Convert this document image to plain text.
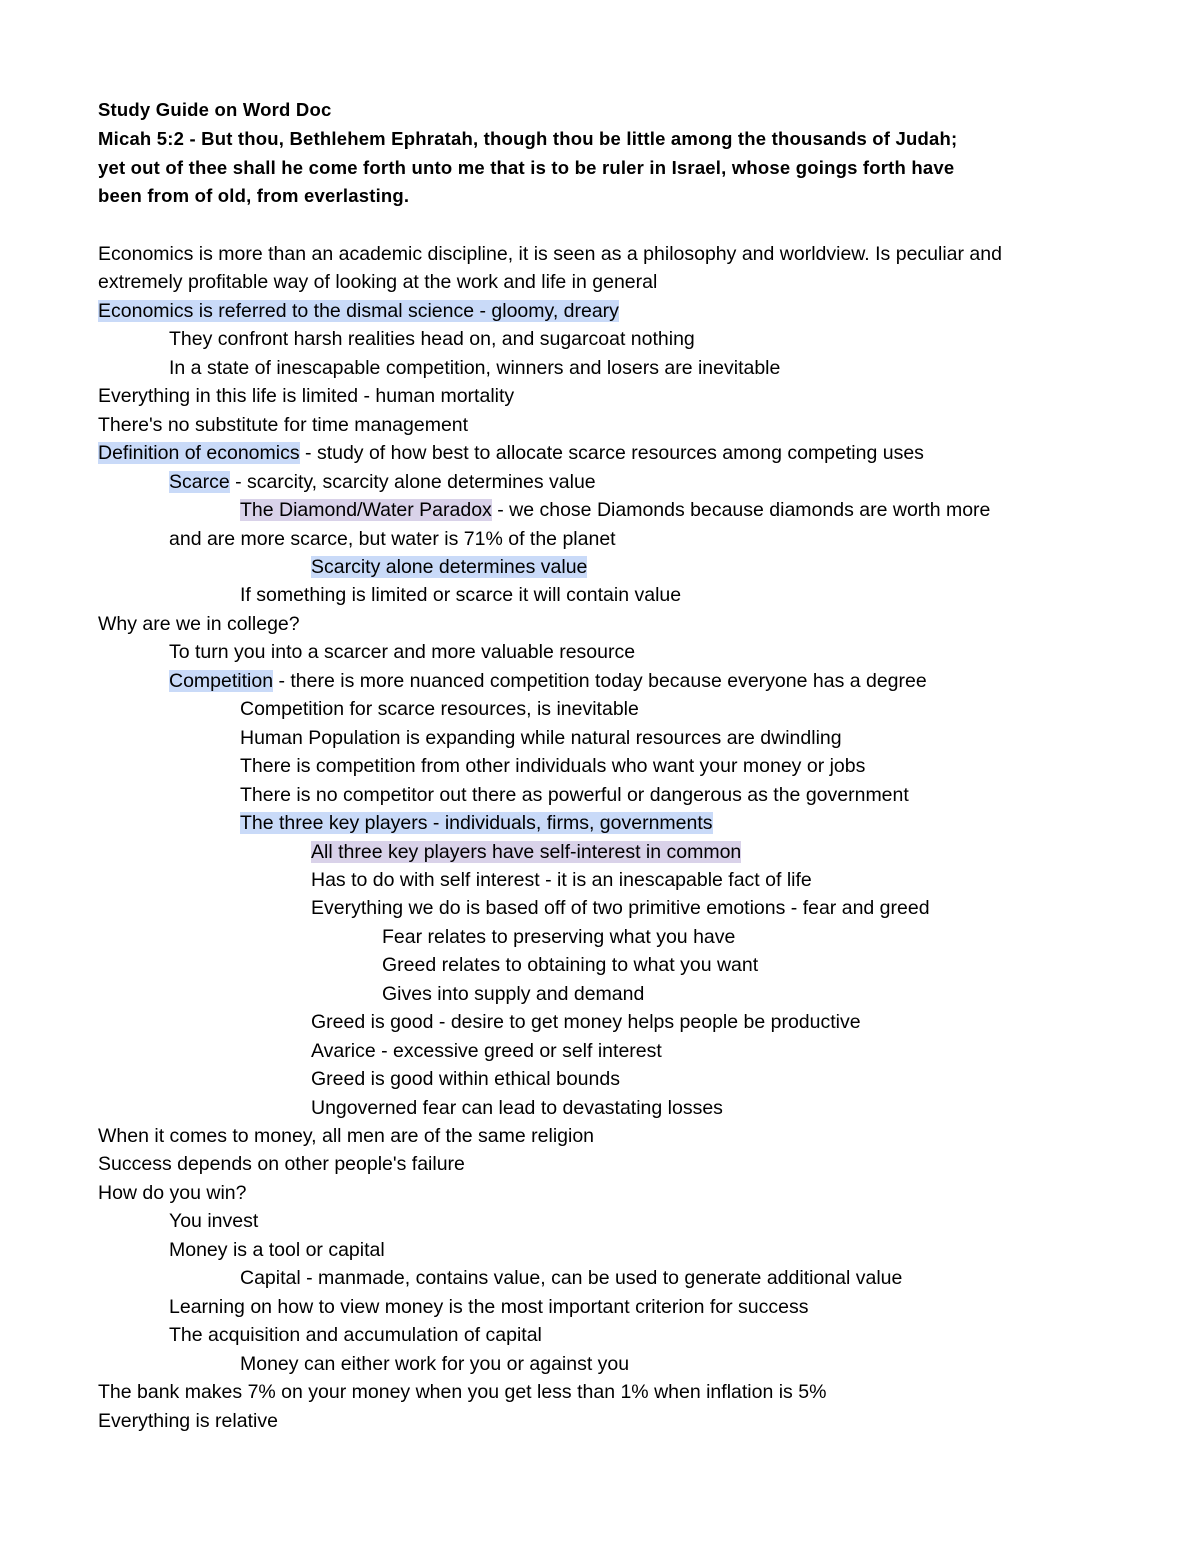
Study Guide on Word Doc
Micah 5:2 - But thou, Bethlehem Ephratah, though thou be little among the thousands of Judah;
yet out of thee shall he come forth unto me that is to be ruler in Israel, whose goings forth have
been from of old, from everlasting.
Economics is more than an academic discipline, it is seen as a philosophy and worldview. Is peculiar and
extremely profitable way of looking at the work and life in general
Economics is referred to the dismal science - gloomy, dreary
They confront harsh realities head on, and sugarcoat nothing
In a state of inescapable competition, winners and losers are inevitable
Everything in this life is limited - human mortality
There's no substitute for time management
Definition of economics - study of how best to allocate scarce resources among competing uses
Scarce - scarcity, scarcity alone determines value
The Diamond/Water Paradox - we chose Diamonds because diamonds are worth more
and are more scarce, but water is 71% of the planet
Scarcity alone determines value
If something is limited or scarce it will contain value
Why are we in college?
To turn you into a scarcer and more valuable resource
Competition - there is more nuanced competition today because everyone has a degree
Competition for scarce resources, is inevitable
Human Population is expanding while natural resources are dwindling
There is competition from other individuals who want your money or jobs
There is no competitor out there as powerful or dangerous as the government
The three key players - individuals, firms, governments
All three key players have self-interest in common
Has to do with self interest - it is an inescapable fact of life
Everything we do is based off of two primitive emotions - fear and greed
Fear relates to preserving what you have
Greed relates to obtaining to what you want
Gives into supply and demand
Greed is good - desire to get money helps people be productive
Avarice - excessive greed or self interest
Greed is good within ethical bounds
Ungoverned fear can lead to devastating losses
When it comes to money, all men are of the same religion
Success depends on other people's failure
How do you win?
You invest
Money is a tool or capital
Capital - manmade, contains value, can be used to generate additional value
Learning on how to view money is the most important criterion for success
The acquisition and accumulation of capital
Money can either work for you or against you
The bank makes 7% on your money when you get less than 1% when inflation is 5%
Everything is relative
